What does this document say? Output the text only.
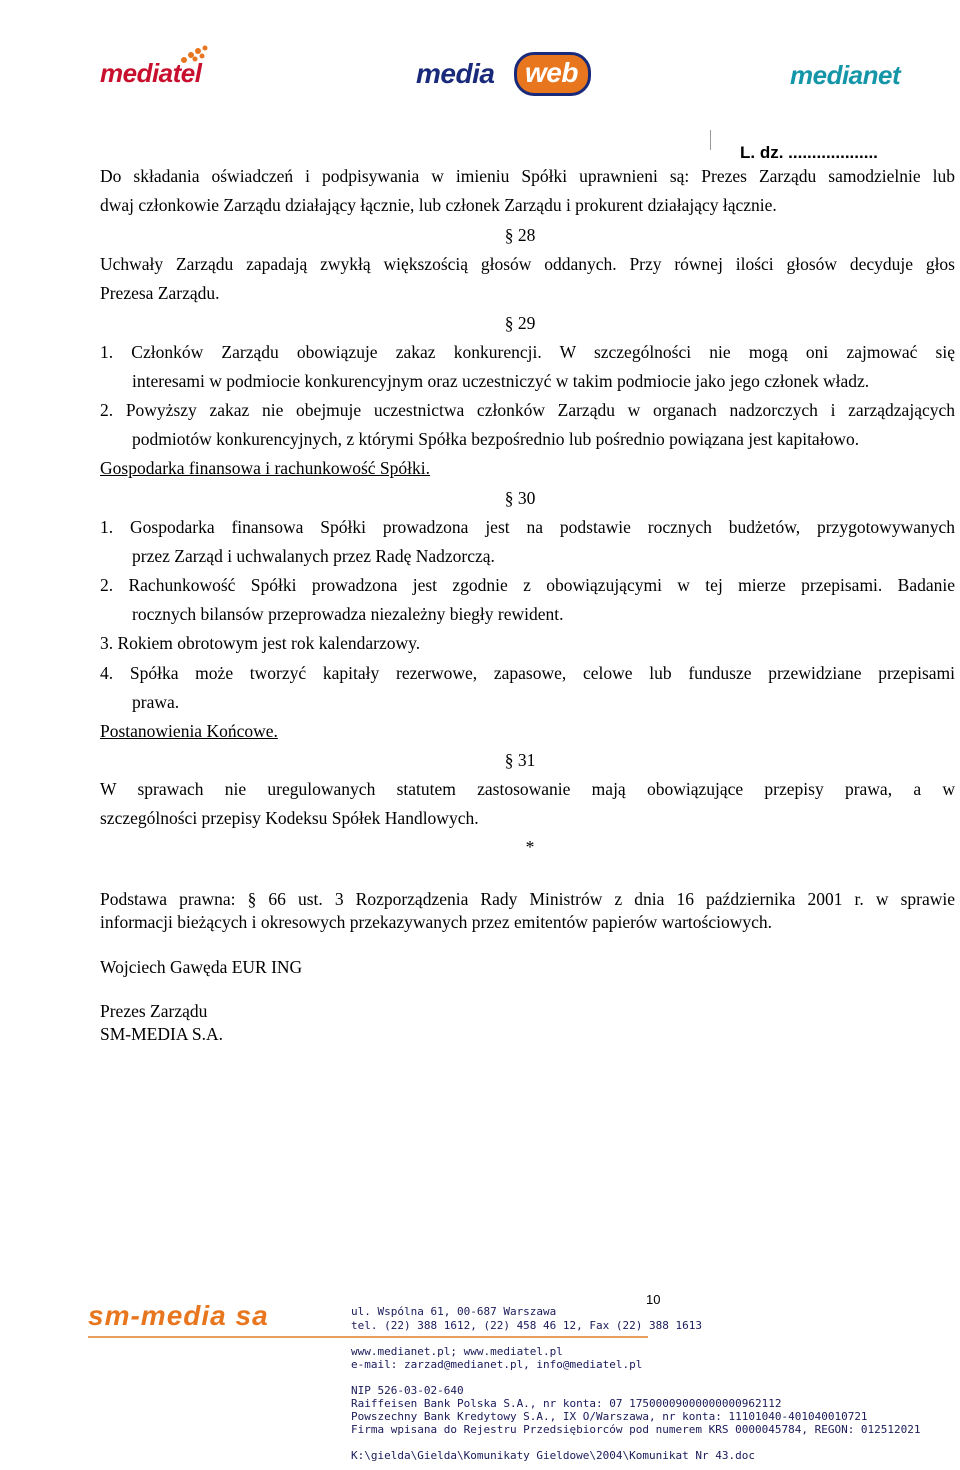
mediatel	media	web	medianet
L. dz. ...................
Do składania oświadczeń i podpisywania w imieniu Spółki uprawnieni są: Prezes Zarządu samodzielnie lub
dwaj członkowie Zarządu działający łącznie, lub członek Zarządu i prokurent działający łącznie.
§ 28
Uchwały Zarządu zapadają zwykłą większością głosów oddanych. Przy równej ilości głosów decyduje głos
Prezesa Zarządu.
§ 29
1. Członków Zarządu obowiązuje zakaz konkurencji. W szczególności nie mogą oni zajmować się
interesami w podmiocie konkurencyjnym oraz uczestniczyć w takim podmiocie jako jego członek władz.
2. Powyższy zakaz nie obejmuje uczestnictwa członków Zarządu w organach nadzorczych i zarządzających
podmiotów konkurencyjnych, z którymi Spółka bezpośrednio lub pośrednio powiązana jest kapitałowo.
Gospodarka finansowa i rachunkowość Spółki.
§ 30
1. Gospodarka finansowa Spółki prowadzona jest na podstawie rocznych budżetów, przygotowywanych
przez Zarząd i uchwalanych przez Radę Nadzorczą.
2. Rachunkowość Spółki prowadzona jest zgodnie z obowiązującymi w tej mierze przepisami. Badanie
rocznych bilansów przeprowadza niezależny biegły rewident.
3. Rokiem obrotowym jest rok kalendarzowy.
4. Spółka może tworzyć kapitały rezerwowe, zapasowe, celowe lub fundusze przewidziane przepisami
prawa.
Postanowienia Końcowe.
§ 31
W sprawach nie uregulowanych statutem zastosowanie mają obowiązujące przepisy prawa, a w
szczególności przepisy Kodeksu Spółek Handlowych.
*
Podstawa prawna: § 66 ust. 3 Rozporządzenia Rady Ministrów z dnia 16 października 2001 r. w sprawie
informacji bieżących i okresowych przekazywanych przez emitentów papierów wartościowych.
Wojciech Gawęda EUR ING
Prezes Zarządu
SM-MEDIA S.A.
sm-media sa
10
ul. Wspólna 61, 00-687 Warszawa
tel. (22) 388 1612, (22) 458 46 12, Fax (22) 388 1613
www.medianet.pl; www.mediatel.pl
e-mail: zarzad@medianet.pl, info@mediatel.pl
NIP 526-03-02-640
Raiffeisen Bank Polska S.A., nr konta: 07 17500009000000000962112
Powszechny Bank Kredytowy S.A., IX O/Warszawa, nr konta: 11101040-401040010721
Firma wpisana do Rejestru Przedsiębiorców pod numerem KRS 0000045784, REGON: 012512021
K:\gielda\Gielda\Komunikaty Gieldowe\2004\Komunikat Nr 43.doc
